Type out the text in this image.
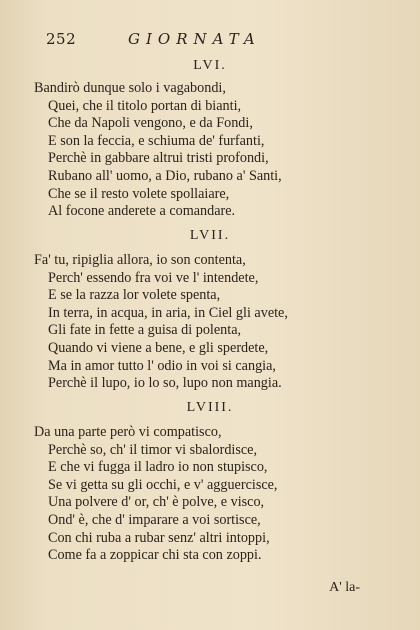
252	GIORNATA
LVI.
Bandirò dunque solo i vagabondi,
Quei, che il titolo portan di bianti,
Che da Napoli vengono, e da Fondi,
E son la feccia, e schiuma de' furfanti,
Perchè in gabbare altrui tristi profondi,
Rubano all' uomo, a Dio, rubano a' Santi,
Che se il resto volete spollaiare,
Al focone anderete a comandare.
LVII.
Fa' tu, ripiglia allora, io son contenta,
Perch' essendo fra voi ve l' intendete,
E se la razza lor volete spenta,
In terra, in acqua, in aria, in Ciel gli avete,
Gli fate in fette a guisa di polenta,
Quando vi viene a bene, e gli sperdete,
Ma in amor tutto l' odio in voi si cangia,
Perchè il lupo, io lo so, lupo non mangia.
LVIII.
Da una parte però vi compatisco,
Perchè so, ch' il timor vi sbalordisce,
E che vi fugga il ladro io non stupisco,
Se vi getta su gli occhi, e v' agguercisce,
Una polvere d' or, ch' è polve, e visco,
Ond' è, che d' imparare a voi sortisce,
Con chi ruba a rubar senz' altri intoppi,
Come fa a zoppicar chi sta con zoppi.
A' la-
